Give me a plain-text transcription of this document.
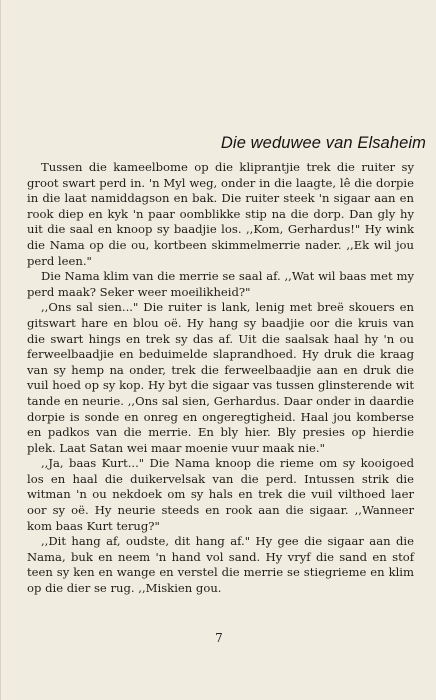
Die weduwee van Elsaheim

Tussen die kameelbome op die kliprantjie trek die ruiter sy groot swart perd in. 'n Myl weg, onder in die laagte, lê die dorpie in die laat namiddagson en bak. Die ruiter steek 'n sigaar aan en rook diep en kyk 'n paar oomblikke stip na die dorp. Dan gly hy uit die saal en knoop sy baadjie los. ,,Kom, Gerhardus!" Hy wink die Nama op die ou, kortbeen skimmelmerrie nader. ,,Ek wil jou perd leen."

Die Nama klim van die merrie se saal af. ,,Wat wil baas met my perd maak? Seker weer moeilikheid?"

,,Ons sal sien..." Die ruiter is lank, lenig met breë skouers en gitswart hare en blou oë. Hy hang sy baadjie oor die kruis van die swart hings en trek sy das af. Uit die saalsak haal hy 'n ou ferweelbaadjie en beduimelde slaprandhoed. Hy druk die kraag van sy hemp na onder, trek die ferweelbaadjie aan en druk die vuil hoed op sy kop. Hy byt die sigaar vas tussen glinsterende wit tande en neurie. ,,Ons sal sien, Gerhardus. Daar onder in daardie dorpie is sonde en onreg en ongeregtigheid. Haal jou komberse en padkos van die merrie. En bly hier. Bly presies op hierdie plek. Laat Satan wei maar moenie vuur maak nie."

,,Ja, baas Kurt..." Die Nama knoop die rieme om sy kooigoed los en haal die duikervelsak van die perd. Intussen strik die witman 'n ou nekdoek om sy hals en trek die vuil vilthoed laer oor sy oë. Hy neurie steeds en rook aan die sigaar. ,,Wanneer kom baas Kurt terug?"

,,Dit hang af, oudste, dit hang af." Hy gee die sigaar aan die Nama, buk en neem 'n hand vol sand. Hy vryf die sand en stof teen sy ken en wange en verstel die merrie se stiegrieme en klim op die dier se rug. ,,Miskien gou.

7
